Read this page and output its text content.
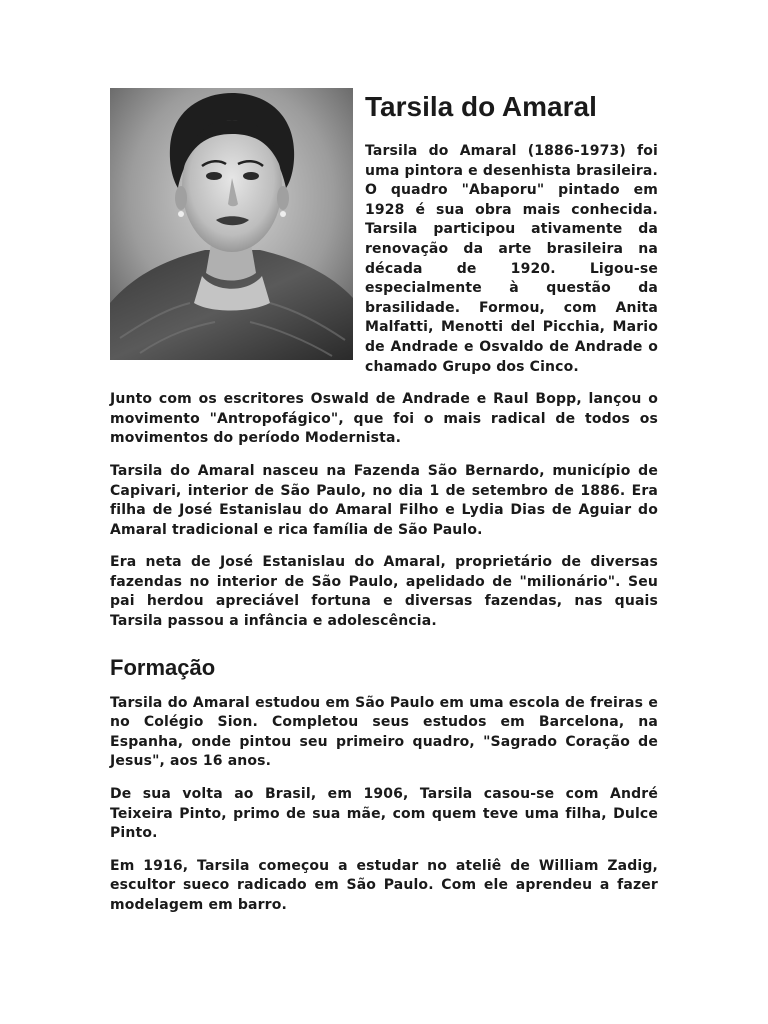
Tarsila do Amaral

Tarsila do Amaral (1886-1973) foi uma pintora e desenhista brasileira. O quadro "Abaporu" pintado em 1928 é sua obra mais conhecida. Tarsila participou ativamente da renovação da arte brasileira na década de 1920. Ligou-se especialmente à questão da brasilidade. Formou, com Anita Malfatti, Menotti del Picchia, Mario de Andrade e Osvaldo de Andrade o chamado Grupo dos Cinco.

Junto com os escritores Oswald de Andrade e Raul Bopp, lançou o movimento "Antropofágico", que foi o mais radical de todos os movimentos do período Modernista.

Tarsila do Amaral nasceu na Fazenda São Bernardo, município de Capivari, interior de São Paulo, no dia 1 de setembro de 1886. Era filha de José Estanislau do Amaral Filho e Lydia Dias de Aguiar do Amaral tradicional e rica família de São Paulo.

Era neta de José Estanislau do Amaral, proprietário de diversas fazendas no interior de São Paulo, apelidado de "milionário". Seu pai herdou apreciável fortuna e diversas fazendas, nas quais Tarsila passou a infância e adolescência.

Formação

Tarsila do Amaral estudou em São Paulo em uma escola de freiras e no Colégio Sion. Completou seus estudos em Barcelona, na Espanha, onde pintou seu primeiro quadro, "Sagrado Coração de Jesus", aos 16 anos.

De sua volta ao Brasil, em 1906, Tarsila casou-se com André Teixeira Pinto, primo de sua mãe, com quem teve uma filha, Dulce Pinto.

Em 1916, Tarsila começou a estudar no ateliê de William Zadig, escultor sueco radicado em São Paulo. Com ele aprendeu a fazer modelagem em barro.
